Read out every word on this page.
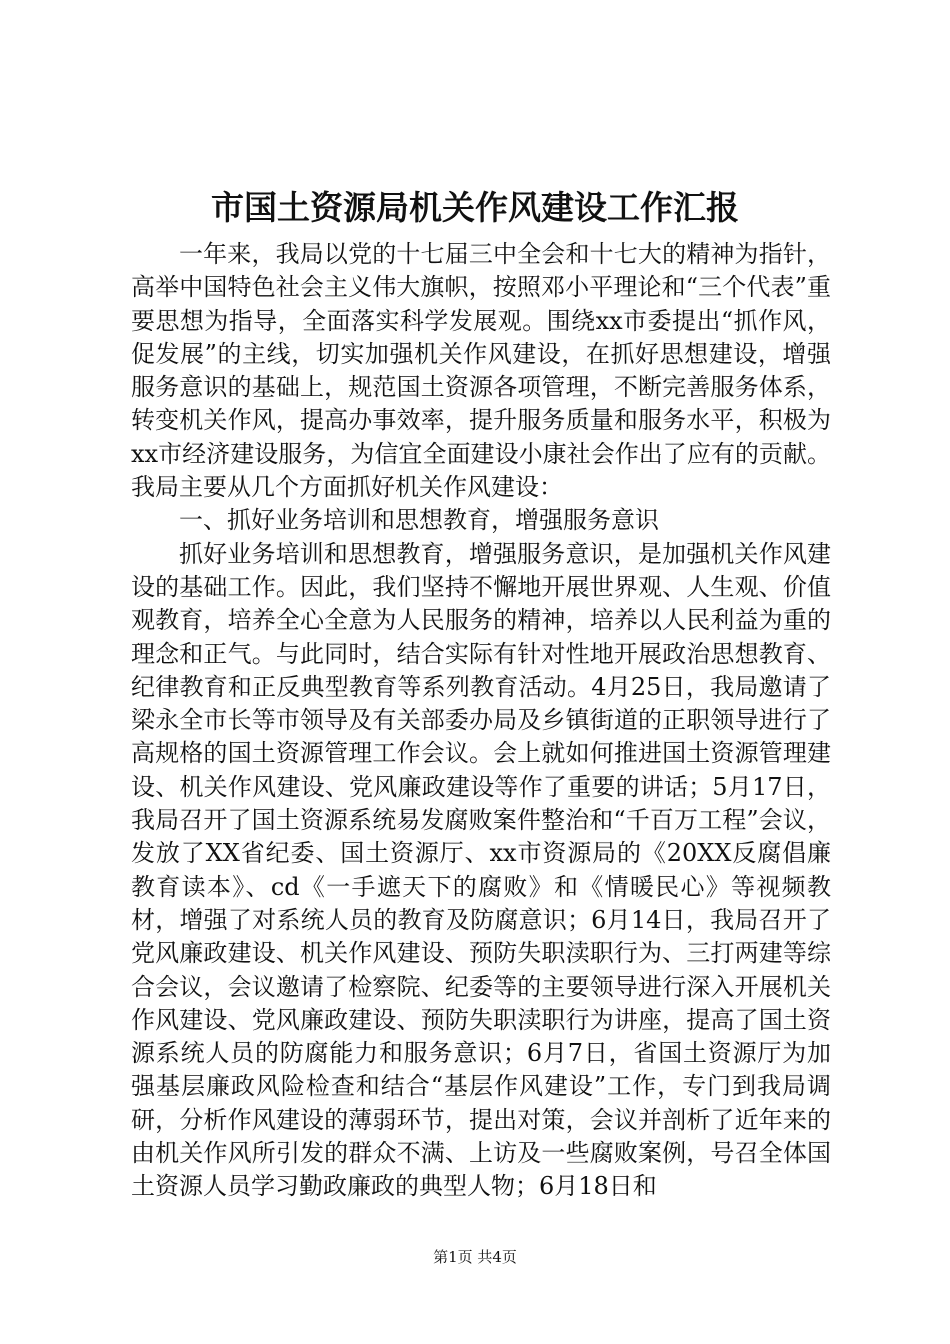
市国土资源局机关作风建设工作汇报

一年来，我局以党的十七届三中全会和十七大的精神为指针，高举中国特色社会主义伟大旗帜，按照邓小平理论和“三个代表”重要思想为指导，全面落实科学发展观。围绕xx市委提出“抓作风，促发展”的主线，切实加强机关作风建设，在抓好思想建设，增强服务意识的基础上，规范国土资源各项管理，不断完善服务体系，转变机关作风，提高办事效率，提升服务质量和服务水平，积极为xx市经济建设服务，为信宜全面建设小康社会作出了应有的贡献。我局主要从几个方面抓好机关作风建设：

一、抓好业务培训和思想教育，增强服务意识

抓好业务培训和思想教育，增强服务意识，是加强机关作风建设的基础工作。因此，我们坚持不懈地开展世界观、人生观、价值观教育，培养全心全意为人民服务的精神，培养以人民利益为重的理念和正气。与此同时，结合实际有针对性地开展政治思想教育、纪律教育和正反典型教育等系列教育活动。4月25日，我局邀请了梁永全市长等市领导及有关部委办局及乡镇街道的正职领导进行了高规格的国土资源管理工作会议。会上就如何推进国土资源管理建设、机关作风建设、党风廉政建设等作了重要的讲话；5月17日，我局召开了国土资源系统易发腐败案件整治和“千百万工程”会议，发放了XX省纪委、国土资源厅、xx市资源局的《20XX反腐倡廉教育读本》、cd《一手遮天下的腐败》和《情暖民心》等视频教材，增强了对系统人员的教育及防腐意识；6月14日，我局召开了党风廉政建设、机关作风建设、预防失职渎职行为、三打两建等综合会议，会议邀请了检察院、纪委等的主要领导进行深入开展机关作风建设、党风廉政建设、预防失职渎职行为讲座，提高了国土资源系统人员的防腐能力和服务意识；6月7日，省国土资源厅为加强基层廉政风险检查和结合“基层作风建设”工作，专门到我局调研，分析作风建设的薄弱环节，提出对策，会议并剖析了近年来的由机关作风所引发的群众不满、上访及一些腐败案例，号召全体国土资源人员学习勤政廉政的典型人物；6月18日和

第1页 共4页
